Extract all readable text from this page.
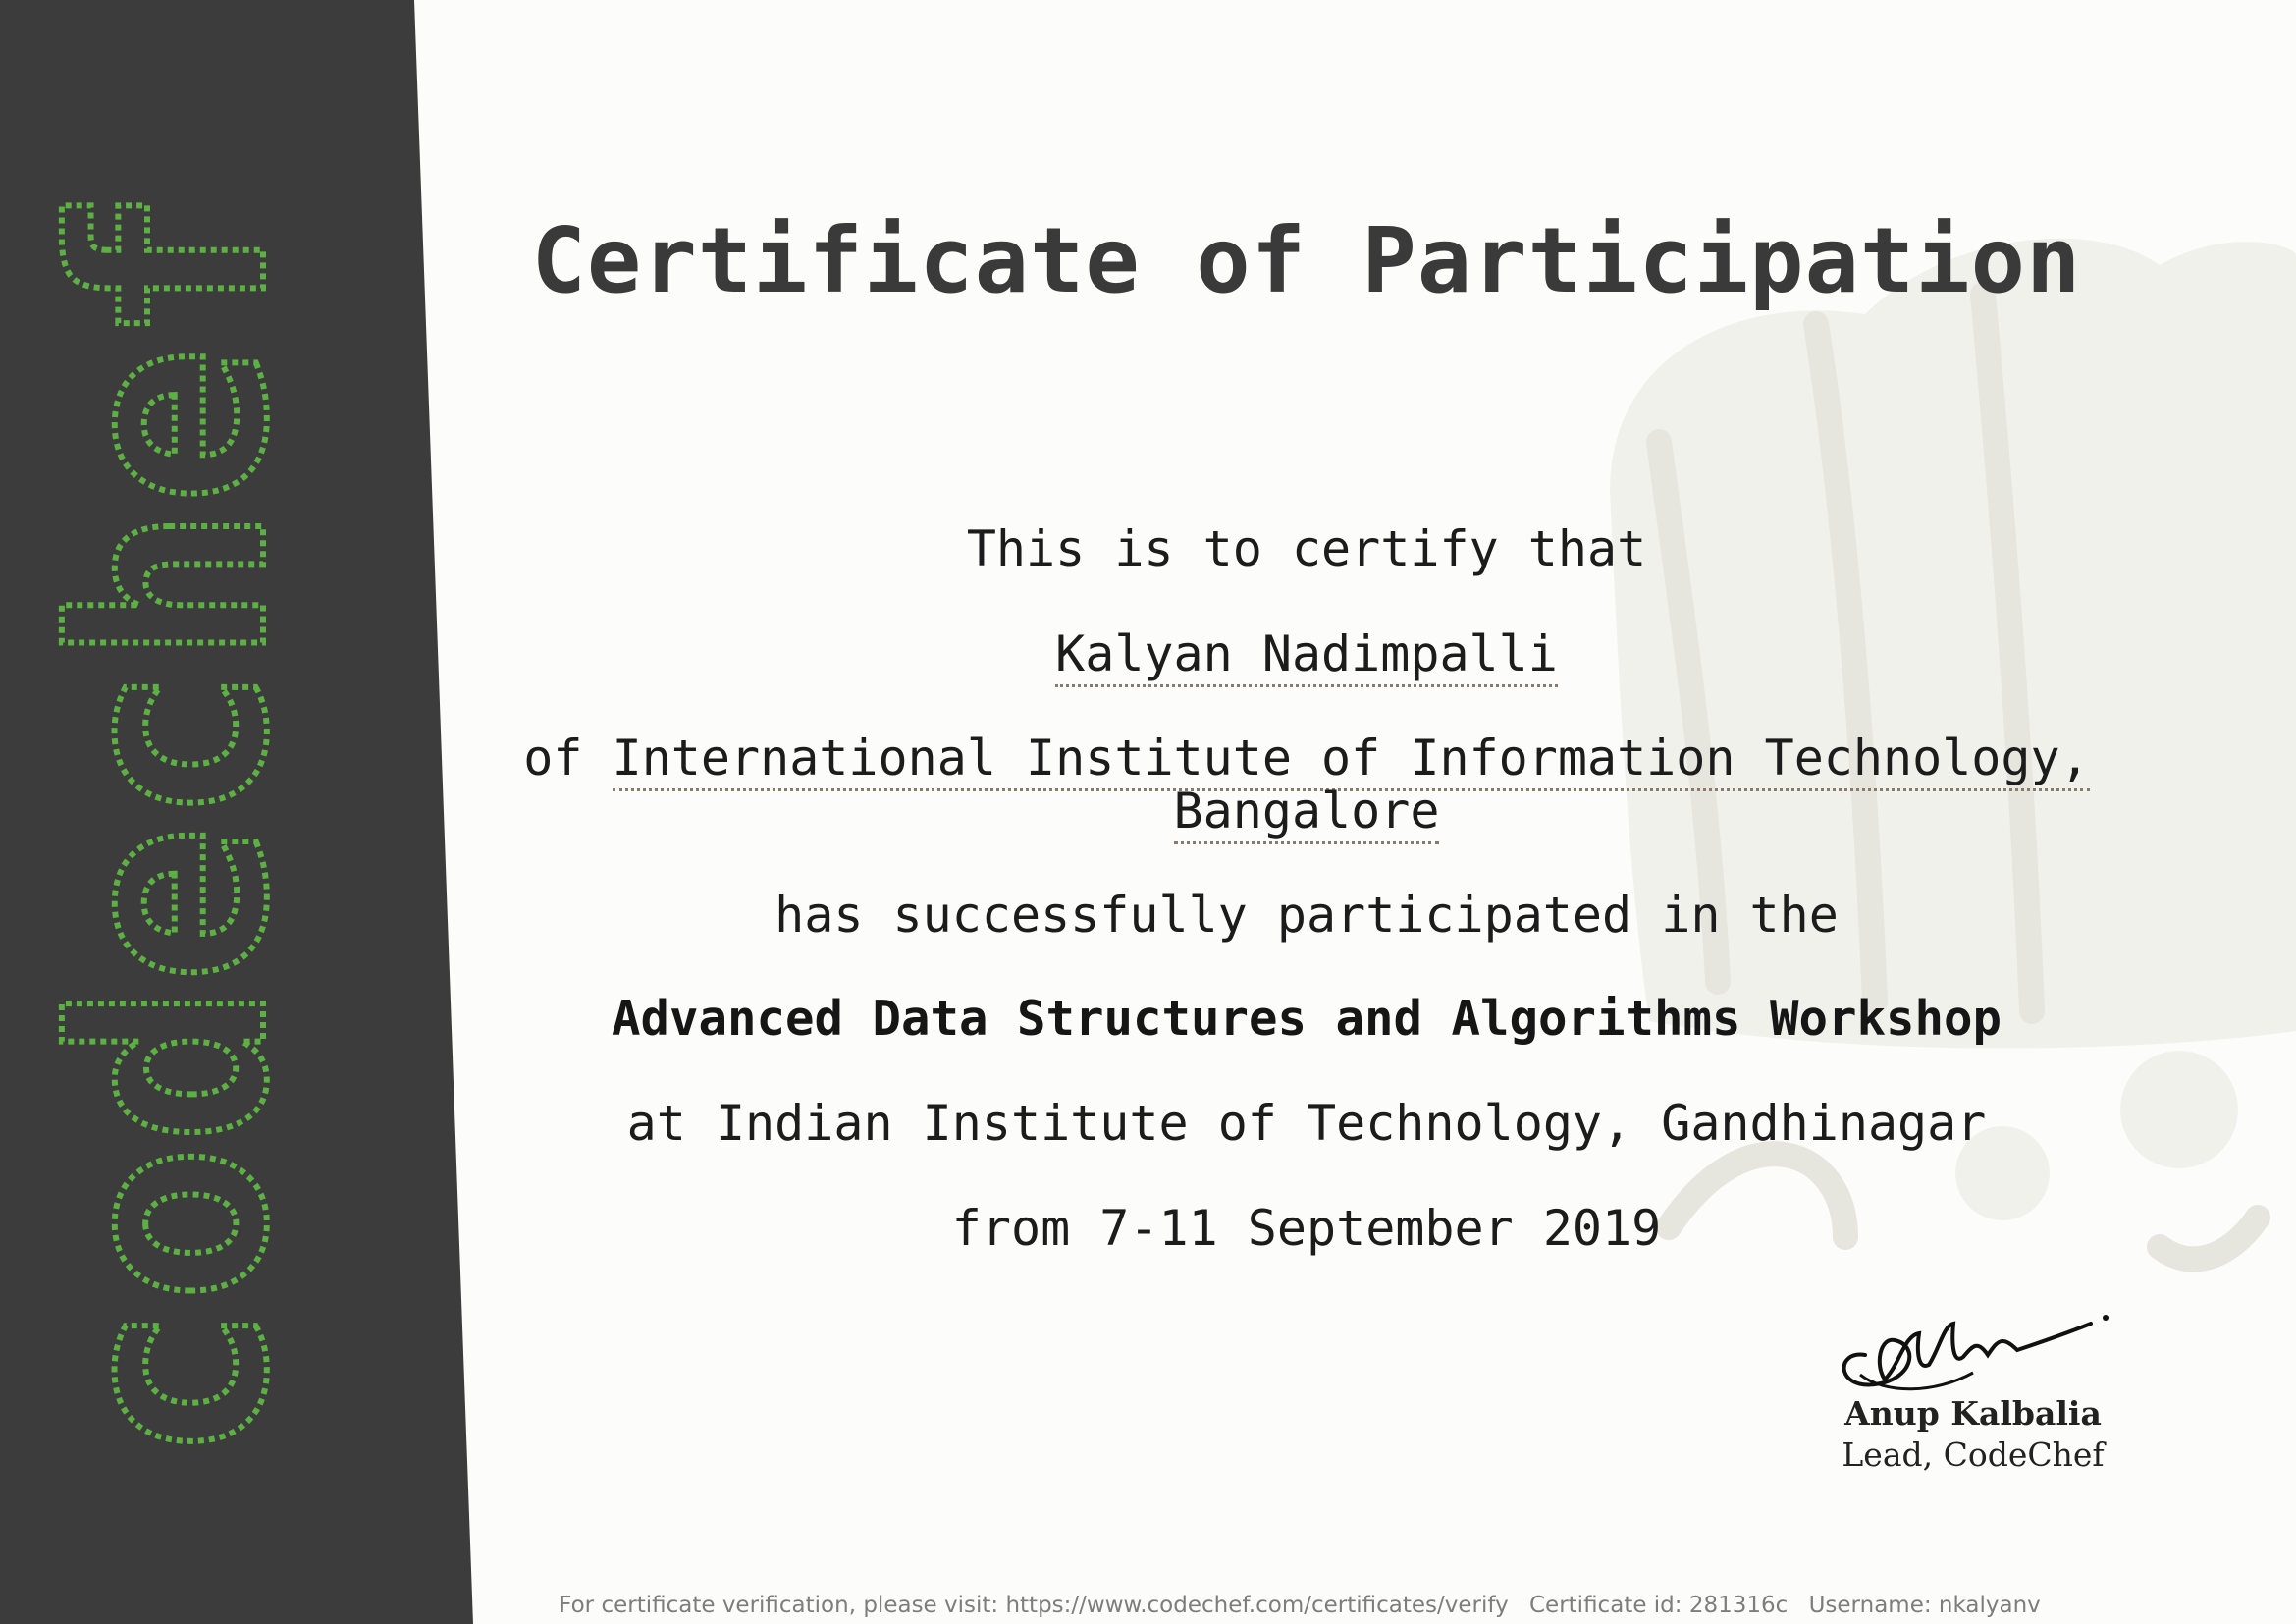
codechef	Certificate of Participation
This is to certify that
Kalyan Nadimpalli
of International Institute of Information Technology,
Bangalore
has successfully participated in the
Advanced Data Structures and Algorithms Workshop
at Indian Institute of Technology, Gandhinagar
from 7-11 September 2019
Anup Kalbalia
Lead, CodeChef
For certificate verification, please visit: https://www.codechef.com/certificates/verify Certificate id: 281316c Username: nkalyanv
